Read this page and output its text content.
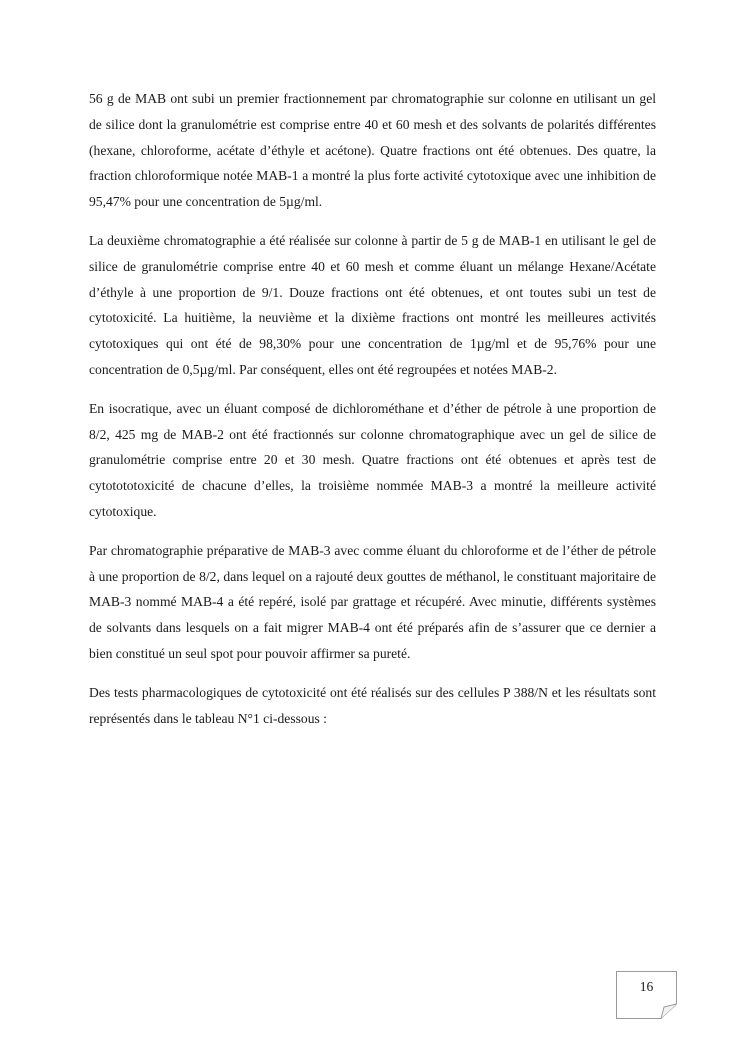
56 g de MAB ont subi un premier fractionnement par chromatographie sur colonne en utilisant un gel de silice dont la granulométrie est comprise entre 40 et 60 mesh et des solvants de polarités différentes (hexane, chloroforme, acétate d’éthyle et acétone). Quatre fractions ont été obtenues. Des quatre, la fraction chloroformique notée MAB-1 a montré la plus forte activité cytotoxique avec une inhibition de 95,47% pour une concentration de 5µg/ml.

La deuxième chromatographie a été réalisée sur colonne à partir de 5 g de MAB-1 en utilisant le gel de silice de granulométrie comprise entre 40 et 60 mesh et comme éluant un mélange Hexane/Acétate d’éthyle à une proportion de 9/1. Douze fractions ont été obtenues, et ont toutes subi un test de cytotoxicité. La huitième, la neuvième et la dixième fractions ont montré les meilleures activités cytotoxiques qui ont été de 98,30% pour une concentration de 1µg/ml et de 95,76% pour une concentration de 0,5µg/ml. Par conséquent, elles ont été regroupées et notées MAB-2.

En isocratique, avec un éluant composé de dichlorométhane et d’éther de pétrole à une proportion de 8/2, 425 mg de MAB-2 ont été fractionnés sur colonne chromatographique avec un gel de silice de granulométrie comprise entre 20 et 30 mesh. Quatre fractions ont été obtenues et après test de cytotototoxicité de chacune d’elles, la troisième nommée MAB-3 a montré la meilleure activité cytotoxique.

Par chromatographie préparative de MAB-3 avec comme éluant du chloroforme et de l’éther de pétrole à une proportion de 8/2, dans lequel on a rajouté deux gouttes de méthanol, le constituant majoritaire de MAB-3 nommé MAB-4 a été repéré, isolé par grattage et récupéré. Avec minutie, différents systèmes de solvants dans lesquels on a fait migrer MAB-4 ont été préparés afin de s’assurer que ce dernier a bien constitué un seul spot pour pouvoir affirmer sa pureté.

Des tests pharmacologiques de cytotoxicité ont été réalisés sur des cellules P 388/N et les résultats sont représentés dans le tableau N°1 ci-dessous :

16
